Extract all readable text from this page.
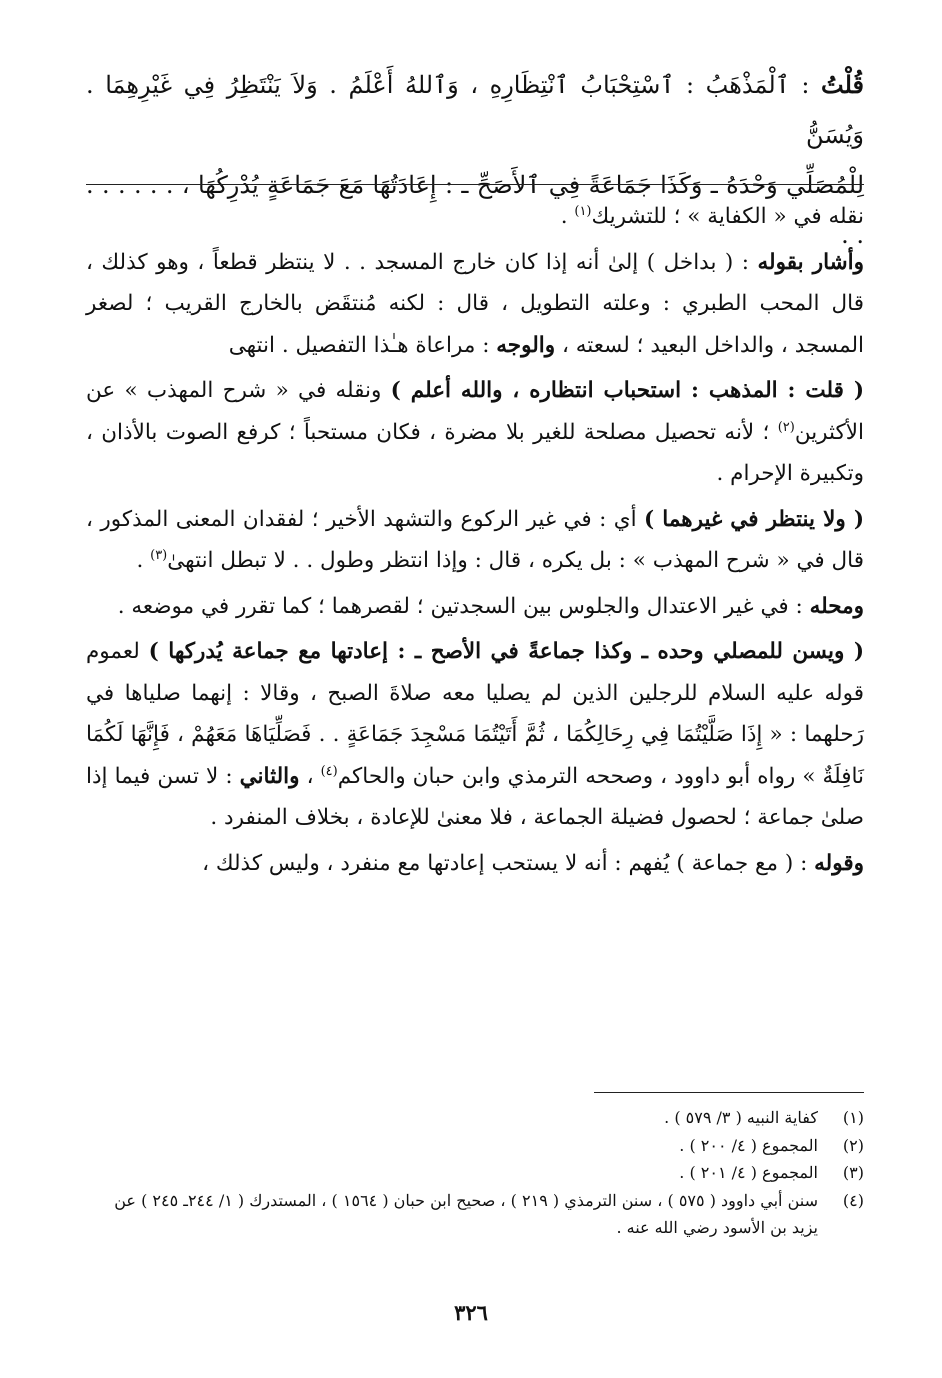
قُلْتُ : ٱلْمَذْهَبُ : ٱسْتِحْبَابُ ٱنْتِظَارِهِ ، وَٱللهُ أَعْلَمُ . وَلاَ يَنْتَظِرُ فِي غَيْرِهِمَا . وَيُسَنُّ

لِلْمُصَلِّي وَحْدَهُ ـ وَكَذَا جَمَاعَةً فِي ٱلأَصَحِّ ـ : إِعَادَتُهَا مَعَ جَمَاعَةٍ يُدْرِكُهَا ، . . . . . . . .

نقله في « الكفاية » ؛ للتشريك$^{(١)}$ .

وأشار بقوله : ( بداخل ) إلىٰ أنه إذا كان خارج المسجد . . لا ينتظر قطعاً ، وهو كذلك ، قال المحب الطبري : وعلته التطويل ، قال : لكنه مُنتقَض بالخارج القريب ؛ لصغر المسجد ، والداخل البعيد ؛ لسعته ، والوجه : مراعاة هـٰذا التفصيل . انتهى

( قلت : المذهب : استحباب انتظاره ، والله أعلم ) ونقله في « شرح المهذب » عن الأكثرين$^{(٢)}$ ؛ لأنه تحصيل مصلحة للغير بلا مضرة ، فكان مستحباً ؛ كرفع الصوت بالأذان ، وتكبيرة الإحرام .

( ولا ينتظر في غيرهما ) أي : في غير الركوع والتشهد الأخير ؛ لفقدان المعنى المذكور ، قال في « شرح المهذب » : بل يكره ، قال : وإذا انتظر وطول . . لا تبطل انتهىٰ$^{(٣)}$ .

ومحله : في غير الاعتدال والجلوس بين السجدتين ؛ لقصرهما ؛ كما تقرر في موضعه .

( ويسن للمصلي وحده ـ وكذا جماعةً في الأصح ـ : إعادتها مع جماعة يُدركها ) لعموم قوله عليه السلام للرجلين الذين لم يصليا معه صلاةَ الصبح ، وقالا : إنهما صلياها في رَحلهما : « إِذَا صَلَّيْتُمَا فِي رِحَالِكُمَا ، ثُمَّ أَتَيْتُمَا مَسْجِدَ جَمَاعَةٍ . . فَصَلِّيَاهَا مَعَهُمْ ، فَإِنَّهَا لَكُمَا نَافِلَةٌ » رواه أبو داوود ، وصححه الترمذي وابن حبان والحاكم$^{(٤)}$ ، والثاني : لا تسن فيما إذا صلىٰ جماعة ؛ لحصول فضيلة الجماعة ، فلا معنىٰ للإعادة ، بخلاف المنفرد .

وقوله : ( مع جماعة ) يُفهم : أنه لا يستحب إعادتها مع منفرد ، وليس كذلك ،

(١)
كفاية النبيه ( ٣/ ٥٧٩ ) .
(٢)
المجموع ( ٤/ ٢٠٠ ) .
(٣)
المجموع ( ٤/ ٢٠١ ) .
(٤)
سنن أبي داوود ( ٥٧٥ ) ، سنن الترمذي ( ٢١٩ ) ، صحيح ابن حبان ( ١٥٦٤ ) ، المستدرك ( ١/ ٢٤٤ـ ٢٤٥ ) عن يزيد بن الأسود رضي الله عنه .
٣٢٦
